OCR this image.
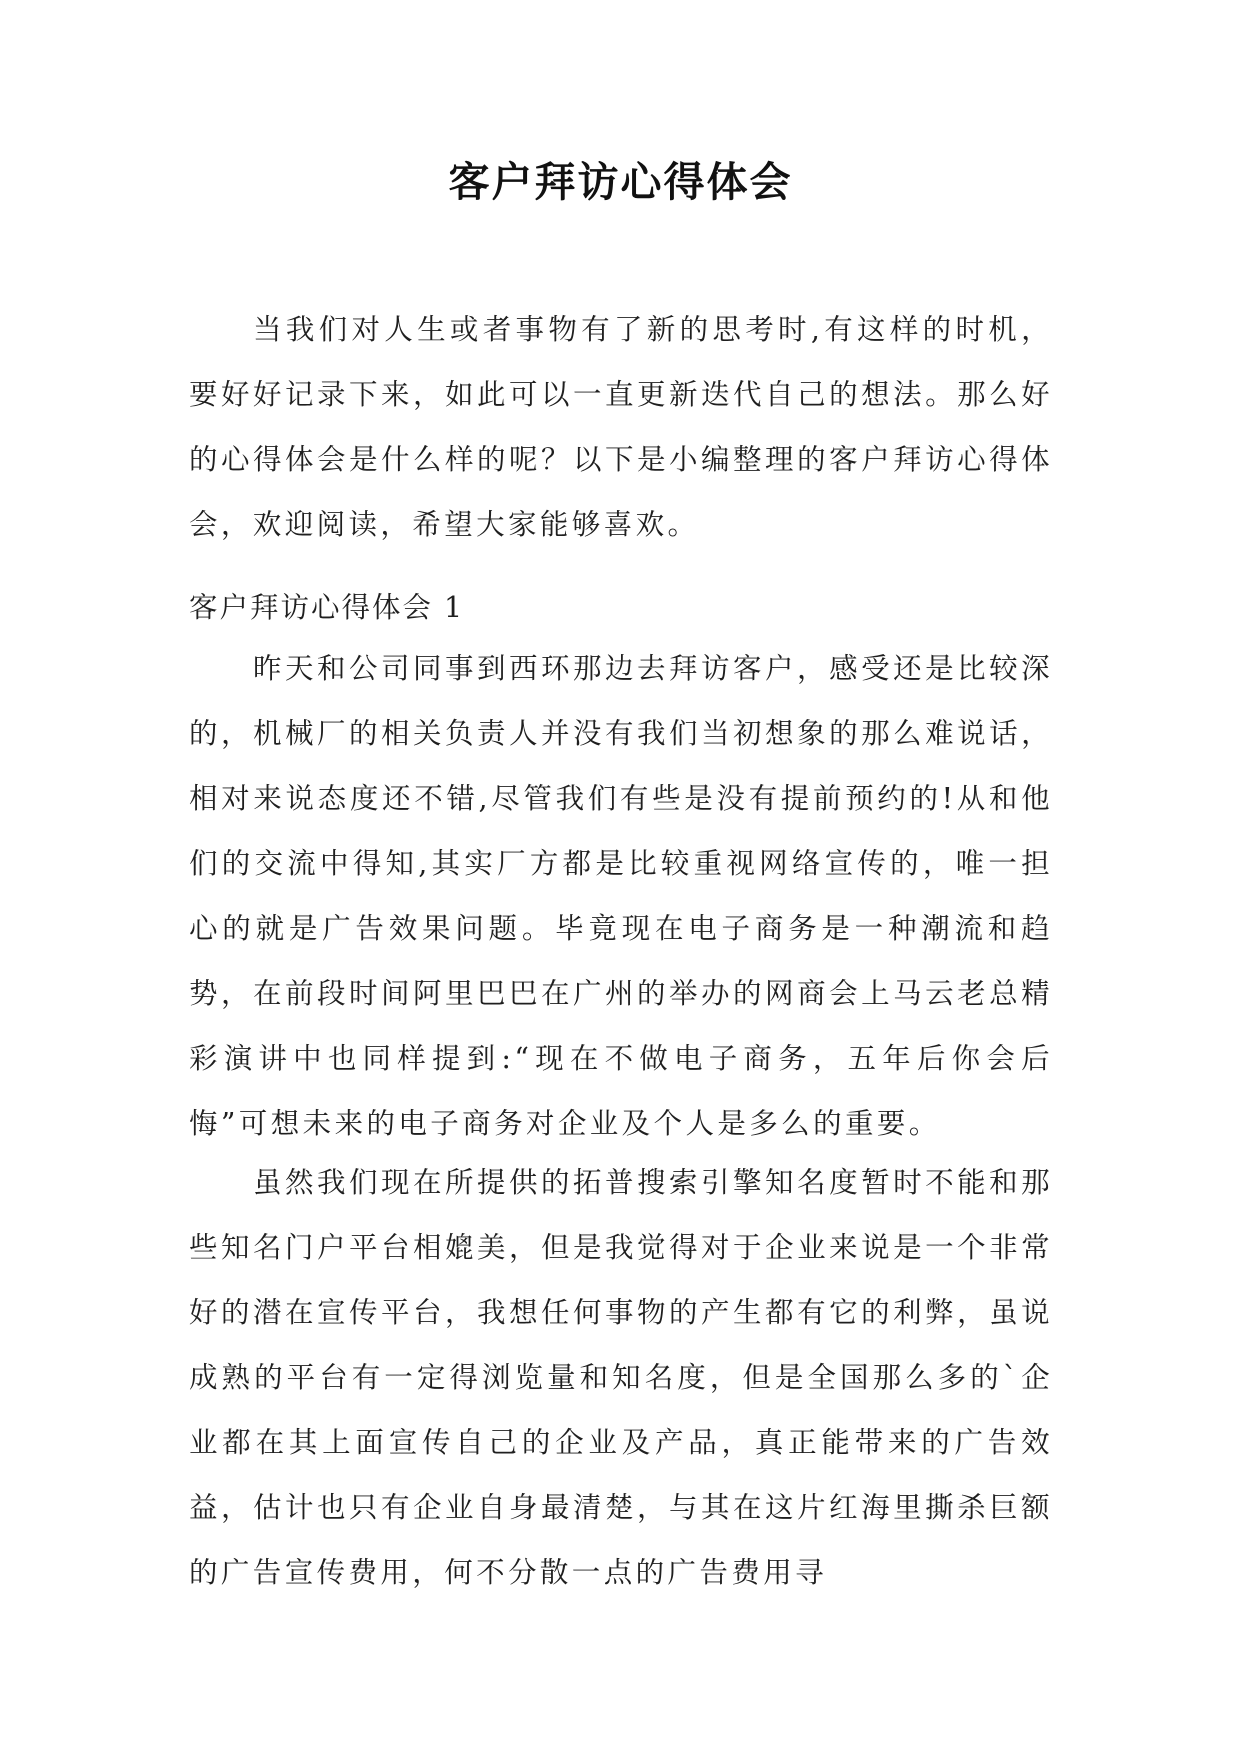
客户拜访心得体会

当我们对人生或者事物有了新的思考时,有这样的时机，要好好记录下来，如此可以一直更新迭代自己的想法。那么好的心得体会是什么样的呢？以下是小编整理的客户拜访心得体会，欢迎阅读，希望大家能够喜欢。

客户拜访心得体会 1

昨天和公司同事到西环那边去拜访客户，感受还是比较深的，机械厂的相关负责人并没有我们当初想象的那么难说话，相对来说态度还不错,尽管我们有些是没有提前预约的!从和他们的交流中得知,其实厂方都是比较重视网络宣传的，唯一担心的就是广告效果问题。毕竟现在电子商务是一种潮流和趋势，在前段时间阿里巴巴在广州的举办的网商会上马云老总精彩演讲中也同样提到:“现在不做电子商务，五年后你会后悔”可想未来的电子商务对企业及个人是多么的重要。

虽然我们现在所提供的拓普搜索引擎知名度暂时不能和那些知名门户平台相媲美，但是我觉得对于企业来说是一个非常好的潜在宣传平台，我想任何事物的产生都有它的利弊，虽说成熟的平台有一定得浏览量和知名度，但是全国那么多的`企业都在其上面宣传自己的企业及产品，真正能带来的广告效益，估计也只有企业自身最清楚，与其在这片红海里撕杀巨额的广告宣传费用，何不分散一点的广告费用寻
